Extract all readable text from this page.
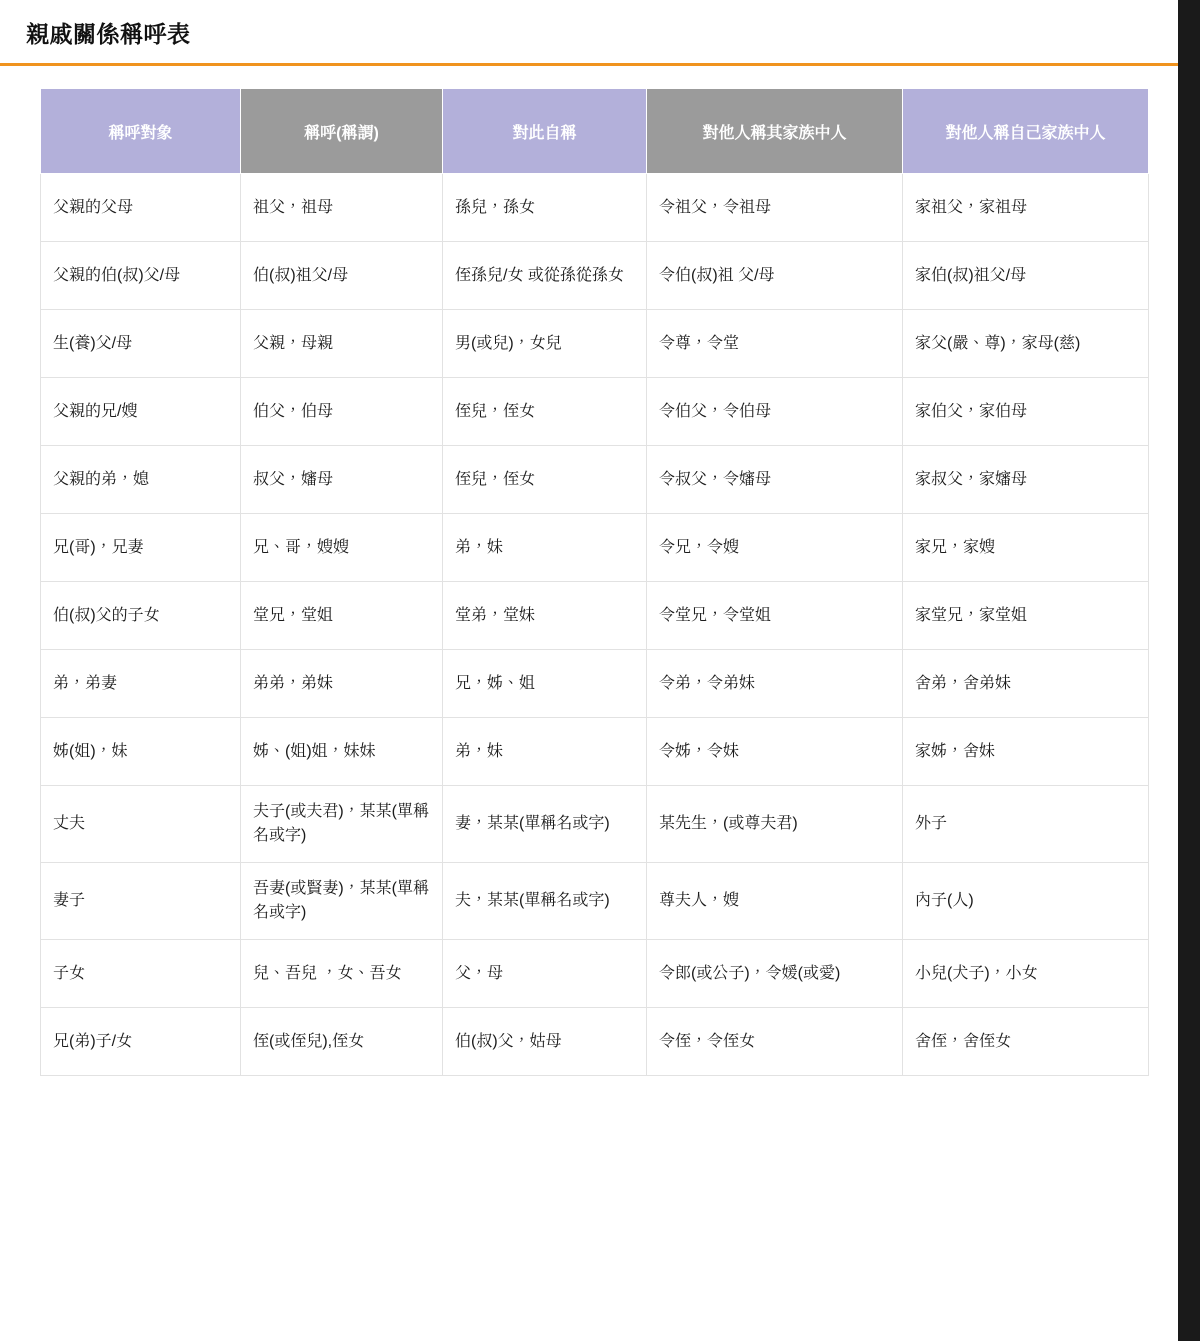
親戚關係稱呼表
稱呼對象	稱呼(稱謂)	對此自稱	對他人稱其家族中人	對他人稱自己家族中人
父親的父母	祖父，祖母	孫兒，孫女	令祖父，令祖母	家祖父，家祖母
父親的伯(叔)父/母	伯(叔)祖父/母	侄孫兒/女 或從孫從孫女	令伯(叔)祖 父/母	家伯(叔)祖父/母
生(養)父/母	父親，母親	男(或兒)，女兒	令尊，令堂	家父(嚴、尊)，家母(慈)
父親的兄/嫂	伯父，伯母	侄兒，侄女	令伯父，令伯母	家伯父，家伯母
父親的弟，媳	叔父，嬸母	侄兒，侄女	令叔父，令嬸母	家叔父，家嬸母
兄(哥)，兄妻	兄、哥，嫂嫂	弟，妹	令兄，令嫂	家兄，家嫂
伯(叔)父的子女	堂兄，堂姐	堂弟，堂妹	令堂兄，令堂姐	家堂兄，家堂姐
弟，弟妻	弟弟，弟妹	兄，姊、姐	令弟，令弟妹	舍弟，舍弟妹
姊(姐)，妹	姊、(姐)姐，妹妹	弟，妹	令姊，令妹	家姊，舍妹
丈夫	夫子(或夫君)，某某(單稱名或字)	妻，某某(單稱名或字)	某先生，(或尊夫君)	外子
妻子	吾妻(或賢妻)，某某(單稱名或字)	夫，某某(單稱名或字)	尊夫人，嫂	內子(人)
子女	兒、吾兒 ，女、吾女	父，母	令郎(或公子)，令媛(或愛)	小兒(犬子)，小女
兄(弟)子/女	侄(或侄兒),侄女	伯(叔)父，姑母	令侄，令侄女	舍侄，舍侄女
